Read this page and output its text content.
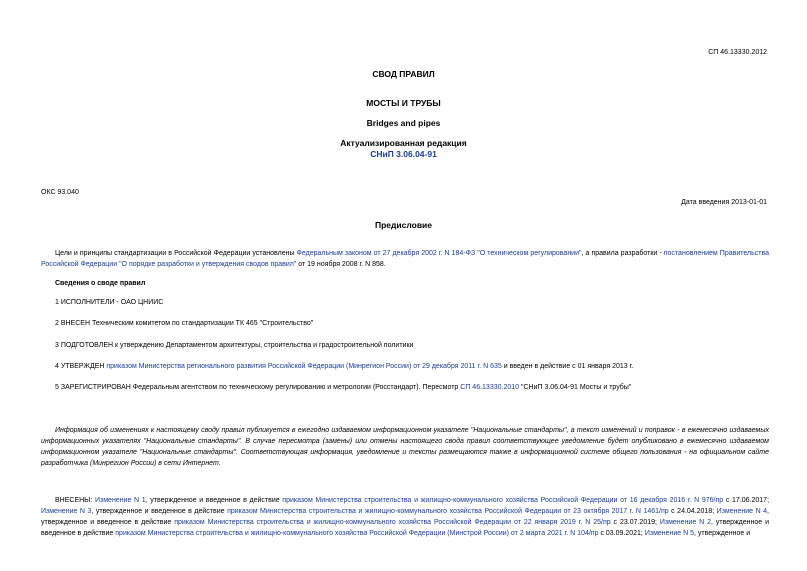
СП 46.13330.2012
СВОД ПРАВИЛ
МОСТЫ И ТРУБЫ
Bridges and pipes
Актуализированная редакция
СНиП 3.06.04-91
ОКС 93.040
Дата введения 2013-01-01
Предисловие
Цели и принципы стандартизации в Российской Федерации установлены Федеральным законом от 27 декабря 2002 г. N 184-ФЗ "О техническом регулировании", а правила разработки - постановлением Правительства Российской Федерации "О порядке разработки и утверждения сводов правил" от 19 ноября 2008 г. N 858.
Сведения о своде правил
1 ИСПОЛНИТЕЛИ - ОАО ЦНИИС
2 ВНЕСЕН Техническим комитетом по стандартизации ТК 465 "Строительство"
3 ПОДГОТОВЛЕН к утверждению Департаментом архитектуры, строительства и градостроительной политики
4 УТВЕРЖДЕН приказом Министерства регионального развития Российской Федерации (Минрегион России) от 29 декабря 2011 г. N 635 и введен в действие с 01 января 2013 г.
5 ЗАРЕГИСТРИРОВАН Федеральным агентством по техническому регулированию и метрологии (Росстандарт). Пересмотр СП 46.13330.2010 "СНиП 3.06.04-91 Мосты и трубы"
Информация об изменениях к настоящему своду правил публикуется в ежегодно издаваемом информационном указателе "Национальные стандарты", а текст изменений и поправок - в ежемесячно издаваемых информационных указателях "Национальные стандарты". В случае пересмотра (замены) или отмены настоящего свода правил соответствующее уведомление будет опубликовано в ежемесячно издаваемом информационном указателе "Национальные стандарты". Соответствующая информация, уведомление и тексты размещаются также в информационной системе общего пользования - на официальном сайте разработчика (Минрегион России) в сети Интернет.
ВНЕСЕНЫ: Изменение N 1, утвержденное и введенное в действие приказом Министерства строительства и жилищно-коммунального хозяйства Российской Федерации от 16 декабря 2016 г. N 976/пр с 17.06.2017; Изменение N 3, утвержденное и введенное в действие приказом Министерства строительства и жилищно-коммунального хозяйства Российской Федерации от 23 октября 2017 г. N 1461/пр с 24.04.2018; Изменение N 4, утвержденное и введенное в действие приказом Министерства строительства и жилищно-коммунального хозяйства Российской Федерации от 22 января 2019 г. N 25/пр с 23.07.2019; Изменение N 2, утвержденное и введенное в действие приказом Министерства строительства и жилищно-коммунального хозяйства Российской Федерации (Минстрой России) от 2 марта 2021 г. N 104/пр с 03.09.2021; Изменение N 5, утвержденное и
